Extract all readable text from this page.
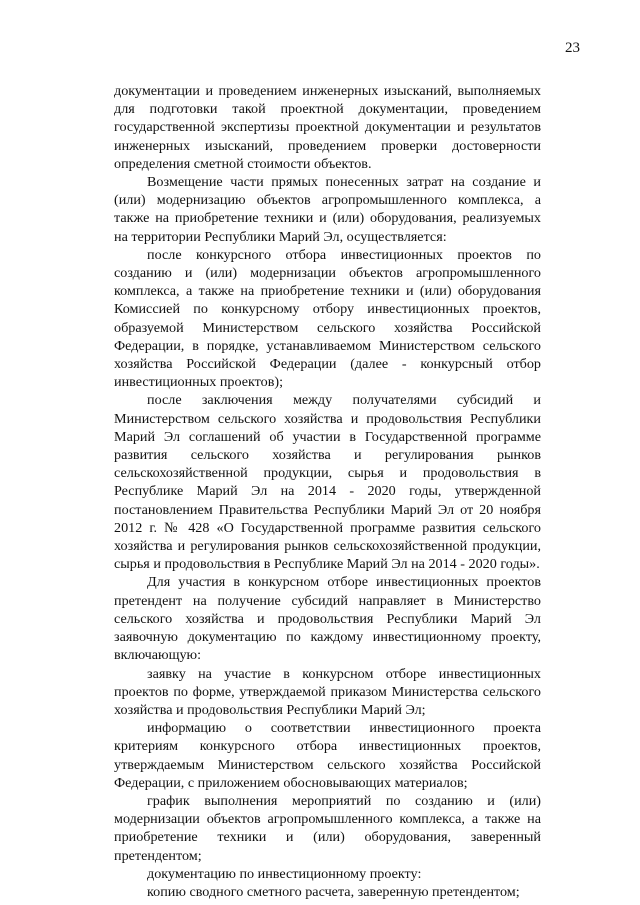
23

документации и проведением инженерных изысканий, выполняемых для подготовки такой проектной документации, проведением государственной экспертизы проектной документации и результатов инженерных изысканий, проведением проверки достоверности определения сметной стоимости объектов.

Возмещение части прямых понесенных затрат на создание и (или) модернизацию объектов агропромышленного комплекса, а также на приобретение техники и (или) оборудования, реализуемых на территории Республики Марий Эл, осуществляется:

после конкурсного отбора инвестиционных проектов по созданию и (или) модернизации объектов агропромышленного комплекса, а также на приобретение техники и (или) оборудования Комиссией по конкурсному отбору инвестиционных проектов, образуемой Министерством сельского хозяйства Российской Федерации, в порядке, устанавливаемом Министерством сельского хозяйства Российской Федерации (далее - конкурсный отбор инвестиционных проектов);

после заключения между получателями субсидий и Министерством сельского хозяйства и продовольствия Республики Марий Эл соглашений об участии в Государственной программе развития сельского хозяйства и регулирования рынков сельскохозяйственной продукции, сырья и продовольствия в Республике Марий Эл на 2014 - 2020 годы, утвержденной постановлением Правительства Республики Марий Эл от 20 ноября 2012 г. № 428 «О Государственной программе развития сельского хозяйства и регулирования рынков сельскохозяйственной продукции, сырья и продовольствия в Республике Марий Эл на 2014 - 2020 годы».

Для участия в конкурсном отборе инвестиционных проектов претендент на получение субсидий направляет в Министерство сельского хозяйства и продовольствия Республики Марий Эл заявочную документацию по каждому инвестиционному проекту, включающую:

заявку на участие в конкурсном отборе инвестиционных проектов по форме, утверждаемой приказом Министерства сельского хозяйства и продовольствия Республики Марий Эл;

информацию о соответствии инвестиционного проекта критериям конкурсного отбора инвестиционных проектов, утверждаемым Министерством сельского хозяйства Российской Федерации, с приложением обосновывающих материалов;

график выполнения мероприятий по созданию и (или) модернизации объектов агропромышленного комплекса, а также на приобретение техники и (или) оборудования, заверенный претендентом;

документацию по инвестиционному проекту:

копию сводного сметного расчета, заверенную претендентом;
